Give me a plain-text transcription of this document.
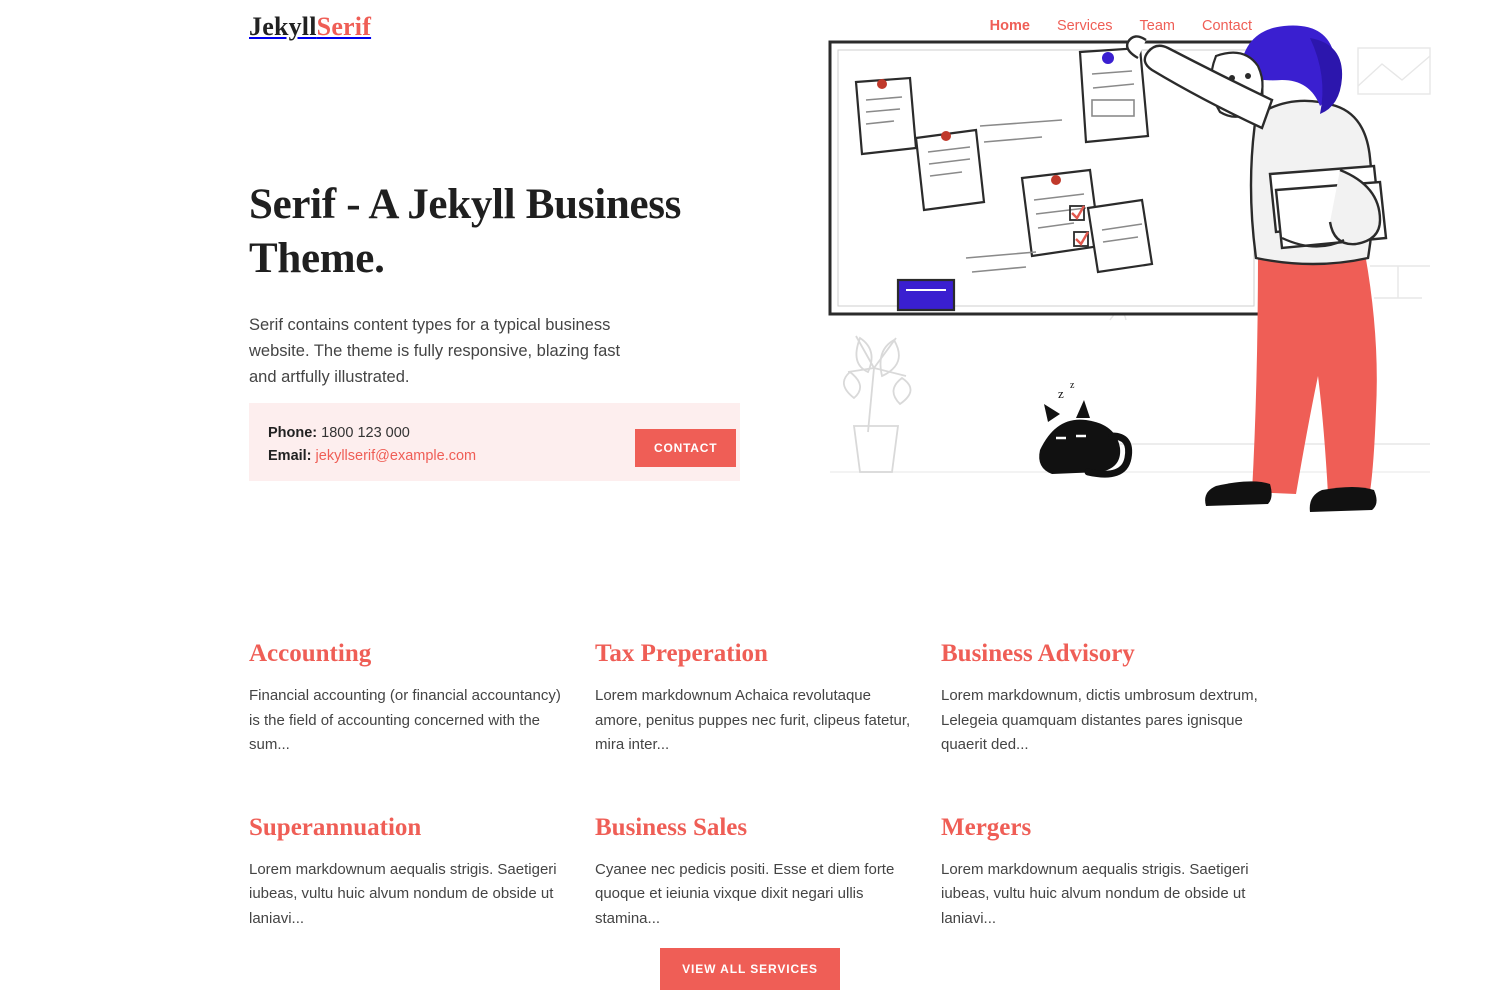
JekyllSerif	Home Services Team Contact
Serif - A Jekyll Business Theme.

Serif contains content types for a typical business website. The theme is fully responsive, blazing fast and artfully illustrated.

Phone: 1800 123 000
Email: jekyllserif@example.com	CONTACT
z
z
Accounting

Financial accounting (or financial accountancy) is the field of accounting concerned with the sum...

Tax Preperation

Lorem markdownum Achaica revolutaque amore, penitus puppes nec furit, clipeus fatetur, mira inter...

Business Advisory

Lorem markdownum, dictis umbrosum dextrum, Lelegeia quamquam distantes pares ignisque quaerit ded...

Superannuation

Lorem markdownum aequalis strigis. Saetigeri iubeas, vultu huic alvum nondum de obside ut laniavi...

Business Sales

Cyanee nec pedicis positi. Esse et diem forte quoque et ieiunia vixque dixit negari ullis stamina...

Mergers

Lorem markdownum aequalis strigis. Saetigeri iubeas, vultu huic alvum nondum de obside ut laniavi...

VIEW ALL SERVICES
